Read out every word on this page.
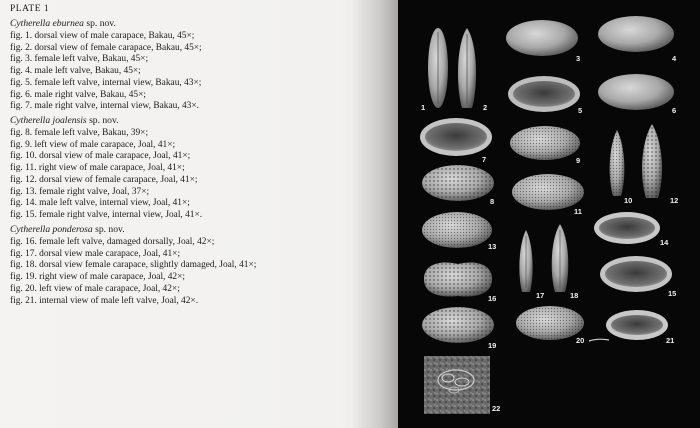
PLATE 1
Cytherella eburnea sp. nov.
fig. 1. dorsal view of male carapace, Bakau, 45×;
fig. 2. dorsal view of female carapace, Bakau, 45×;
fig. 3. female left valve, Bakau, 45×;
fig. 4. male left valve, Bakau, 45×;
fig. 5. female left valve, internal view, Bakau, 43×;
fig. 6. male right valve, Bakau, 45×;
fig. 7. male right valve, internal view, Bakau, 43×.
Cytherella joalensis sp. nov.
fig. 8. female left valve, Bakau, 39×;
fig. 9. left view of male carapace, Joal, 41×;
fig. 10. dorsal view of male carapace, Joal, 41×;
fig. 11. right view of male carapace, Joal, 41×;
fig. 12. dorsal view of female carapace, Joal, 41×;
fig. 13. female right valve, Joal, 37×;
fig. 14. male left valve, internal view, Joal, 41×;
fig. 15. female right valve, internal view, Joal, 41×.
Cytherella ponderosa sp. nov.
fig. 16. female left valve, damaged dorsally, Joal, 42×;
fig. 17. dorsal view male carapace, Joal, 41×;
fig. 18. dorsal view female carapace, slightly damaged, Joal, 41×;
fig. 19. right view of male carapace, Joal, 42×;
fig. 20. left view of male carapace, Joal, 42×;
fig. 21. internal view of male left valve, Joal, 42×.
1	2
3	4
5	6
7	9
10	12
8
11
13	14
17	18	15
16
19
20	21
22
